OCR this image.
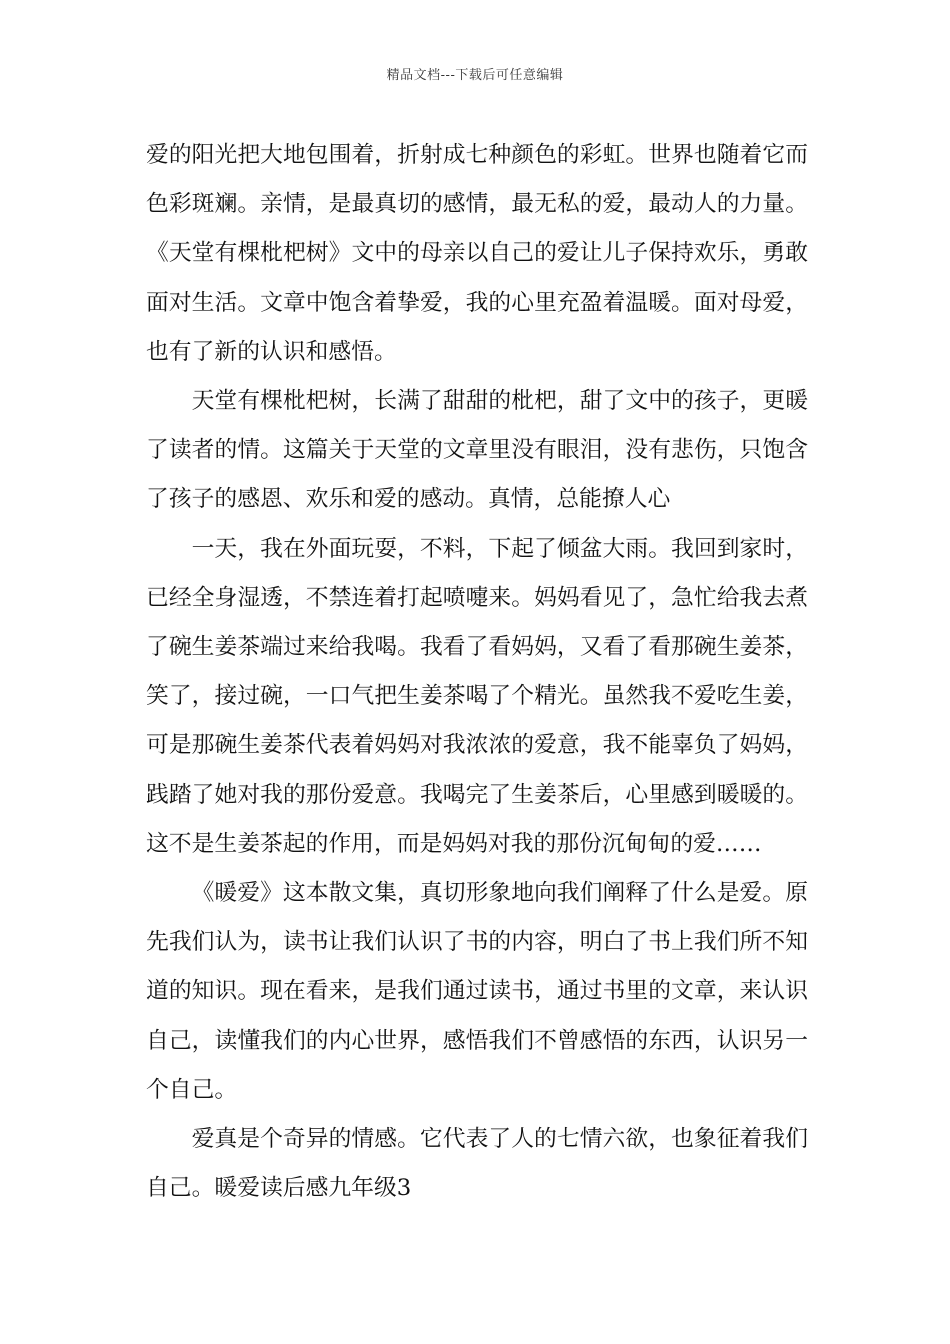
精品文档---下载后可任意编辑

爱的阳光把大地包围着，折射成七种颜色的彩虹。世界也随着它而色彩斑斓。亲情，是最真切的感情，最无私的爱，最动人的力量。《天堂有棵枇杷树》文中的母亲以自己的爱让儿子保持欢乐，勇敢面对生活。文章中饱含着挚爱，我的心里充盈着温暖。面对母爱，也有了新的认识和感悟。

天堂有棵枇杷树，长满了甜甜的枇杷，甜了文中的孩子，更暖了读者的情。这篇关于天堂的文章里没有眼泪，没有悲伤，只饱含了孩子的感恩、欢乐和爱的感动。真情，总能撩人心

一天，我在外面玩耍，不料，下起了倾盆大雨。我回到家时，已经全身湿透，不禁连着打起喷嚏来。妈妈看见了，急忙给我去煮了碗生姜茶端过来给我喝。我看了看妈妈，又看了看那碗生姜茶，笑了，接过碗，一口气把生姜茶喝了个精光。虽然我不爱吃生姜，可是那碗生姜茶代表着妈妈对我浓浓的爱意，我不能辜负了妈妈，践踏了她对我的那份爱意。我喝完了生姜茶后，心里感到暖暖的。这不是生姜茶起的作用，而是妈妈对我的那份沉甸甸的爱……

《暖爱》这本散文集，真切形象地向我们阐释了什么是爱。原先我们认为，读书让我们认识了书的内容，明白了书上我们所不知道的知识。现在看来，是我们通过读书，通过书里的文章，来认识自己，读懂我们的内心世界，感悟我们不曾感悟的东西，认识另一个自己。

爱真是个奇异的情感。它代表了人的七情六欲，也象征着我们自己。暖爱读后感九年级3
